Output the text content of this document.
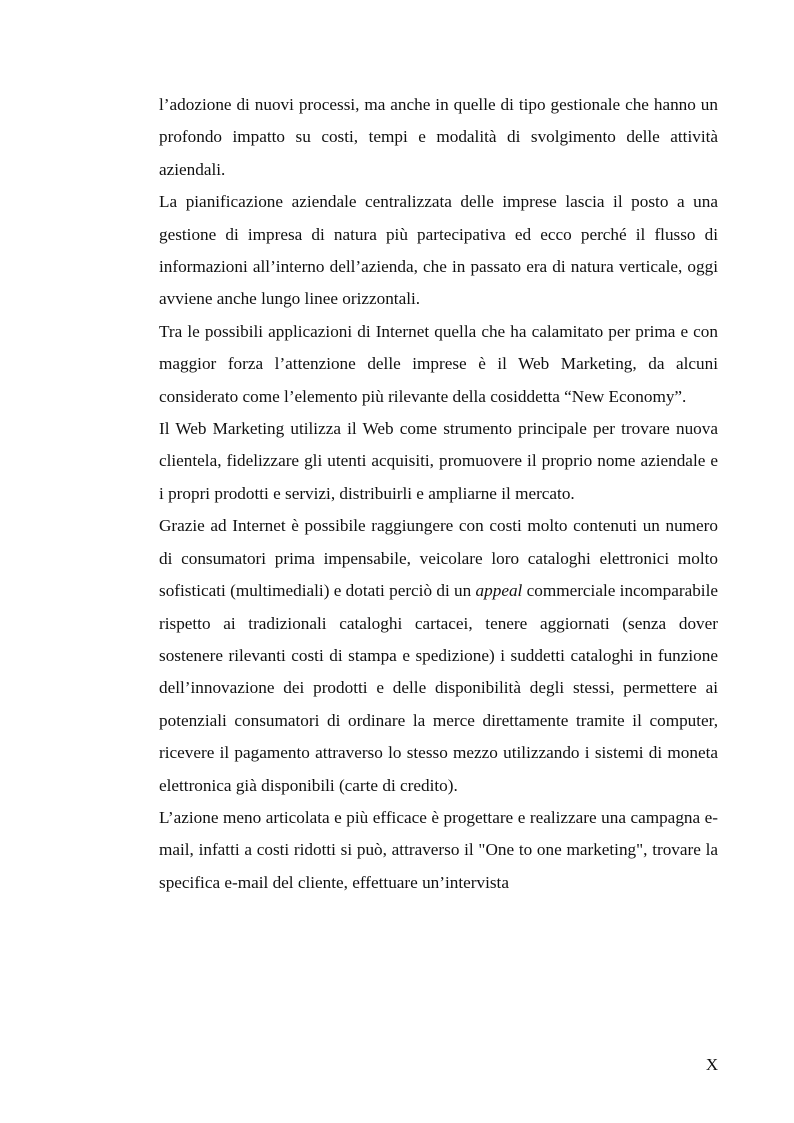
l’adozione di nuovi processi, ma anche in quelle di tipo gestionale che hanno un profondo impatto su costi, tempi e modalità di svolgimento delle attività aziendali.

La pianificazione aziendale centralizzata delle imprese lascia il posto a una gestione di impresa di natura più partecipativa ed ecco perché il flusso di informazioni all’interno dell’azienda, che in passato era di natura verticale, oggi avviene anche lungo linee orizzontali.

Tra le possibili applicazioni di Internet quella che ha calamitato per prima e con maggior forza l’attenzione delle imprese è il Web Marketing, da alcuni considerato come l’elemento più rilevante della cosiddetta “New Economy”.

Il Web Marketing utilizza il Web come strumento principale per trovare nuova clientela, fidelizzare gli utenti acquisiti, promuovere il proprio nome aziendale e i propri prodotti e servizi, distribuirli e ampliarne il mercato.

Grazie ad Internet è possibile raggiungere con costi molto contenuti un numero di consumatori prima impensabile, veicolare loro cataloghi elettronici molto sofisticati (multimediali) e dotati perciò di un appeal commerciale incomparabile rispetto ai tradizionali cataloghi cartacei, tenere aggiornati (senza dover sostenere rilevanti costi di stampa e spedizione) i suddetti cataloghi in funzione dell’innovazione dei prodotti e delle disponibilità degli stessi, permettere ai potenziali consumatori di ordinare la merce direttamente tramite il computer, ricevere il pagamento attraverso lo stesso mezzo utilizzando i sistemi di moneta elettronica già disponibili (carte di credito).

L’azione meno articolata e più efficace è progettare e realizzare una campagna e-mail, infatti a costi ridotti si può, attraverso il "One to one marketing", trovare la specifica e-mail del cliente, effettuare un’intervista

X
